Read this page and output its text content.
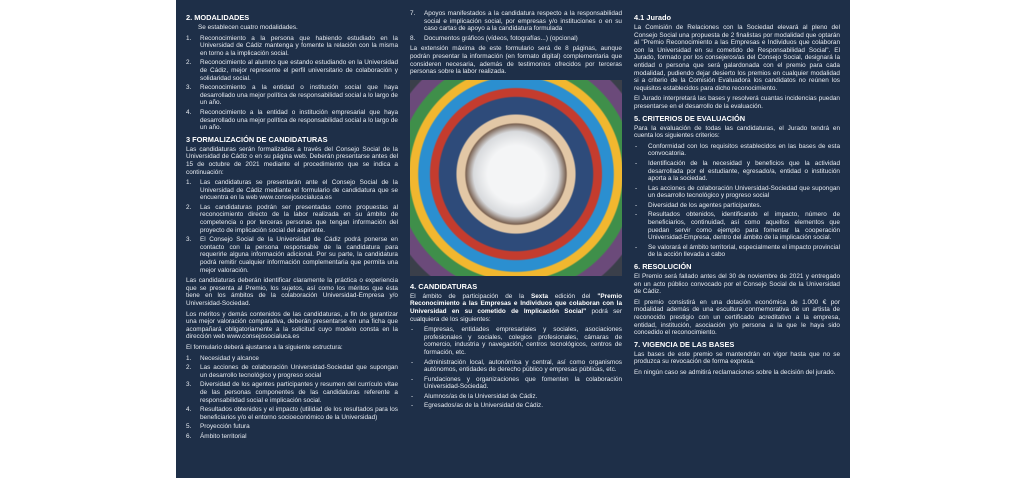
2. MODALIDADES

Se establecen cuatro modalidades.

1. Reconocimiento a la persona que habiendo estudiado en la Universidad de Cádiz mantenga y fomente la relación con la misma en torno a la implicación social.
2. Reconocimiento al alumno que estando estudiando en la Universidad de Cádiz, mejor represente el perfil universitario de colaboración y solidaridad social.
3. Reconocimiento a la entidad o institución social que haya desarrollado una mejor política de responsabilidad social a lo largo de un año.
4. Reconocimiento a la entidad o institución empresarial que haya desarrollado una mejor política de responsabilidad social a lo largo de un año.
3 FORMALIZACIÓN DE CANDIDATURAS

Las candidaturas serán formalizadas a través del Consejo Social de la Universidad de Cádiz o en su página web. Deberán presentarse antes del 15 de octubre de 2021 mediante el procedimiento que se indica a continuación:

1. Las candidaturas se presentarán ante el Consejo Social de la Universidad de Cádiz mediante el formulario de candidatura que se encuentra en la web www.consejosocialuca.es
2. Las candidaturas podrán ser presentadas como propuestas al reconocimiento directo de la labor realizada en su ámbito de competencia o por terceras personas que tengan información del proyecto de implicación social del aspirante.
3. El Consejo Social de la Universidad de Cádiz podrá ponerse en contacto con la persona responsable de la candidatura para requerirle alguna información adicional. Por su parte, la candidatura podrá remitir cualquier información complementaria que permita una mejor valoración.

Las candidaturas deberán identificar claramente la práctica o experiencia que se presenta al Premio, los sujetos, así como los méritos que ésta tiene en los ámbitos de la colaboración Universidad-Empresa y/o Universidad-Sociedad.

Los méritos y demás contenidos de las candidaturas, a fin de garantizar una mejor valoración comparativa, deberán presentarse en una ficha que acompañará obligatoriamente a la solicitud cuyo modelo consta en la dirección web www.consejosocialuca.es

El formulario deberá ajustarse a la siguiente estructura:

1. Necesidad y alcance
2. Las acciones de colaboración Universidad-Sociedad que supongan un desarrollo tecnológico y progreso social
3. Diversidad de los agentes participantes y resumen del currículo vitae de las personas componentes de las candidaturas referente a responsabilidad social e implicación social.
4. Resultados obtenidos y el impacto (utilidad de los resultados para los beneficiarios y/o el entorno socioeconómico de la Universidad)
5. Proyección futura
6. Ámbito territorial
7. Apoyos manifestados a la candidatura respecto a la responsabilidad social e implicación social, por empresas y/o instituciones o en su caso cartas de apoyo a la candidatura formulada
8. Documentos gráficos (vídeos, fotografías...) (opcional)

La extensión máxima de este formulario será de 8 páginas, aunque podrán presentar la información (en formato digital) complementaria que consideren necesaria, además de testimonios ofrecidos por terceras personas sobre la labor realizada.

4. CANDIDATURAS

El ámbito de participación de la Sexta edición del "Premio Reconocimiento a las Empresas e Individuos que colaboran con la Universidad en su cometido de Implicación Social" podrá ser cualquiera de los siguientes:

- Empresas, entidades empresariales y sociales, asociaciones profesionales y sociales, colegios profesionales, cámaras de comercio, industria y navegación, centros tecnológicos, centros de formación, etc.
- Administración local, autonómica y central, así como organismos autónomos, entidades de derecho público y empresas públicas, etc.
- Fundaciones y organizaciones que fomenten la colaboración Universidad-Sociedad.
- Alumnos/as de la Universidad de Cádiz.
- Egresados/as de la Universidad de Cádiz.
4.1 Jurado

La Comisión de Relaciones con la Sociedad elevará al pleno del Consejo Social una propuesta de 2 finalistas por modalidad que optarán al "Premio Reconocimiento a las Empresas e Individuos que colaboran con la Universidad en su cometido de Responsabilidad Social". El Jurado, formado por los consejeros/as del Consejo Social, designará la entidad o persona que será galardonada con el premio para cada modalidad, pudiendo dejar desierto los premios en cualquier modalidad si a criterio de la Comisión Evaluadora los candidatos no reúnen los requisitos establecidos para dicho reconocimiento.

El Jurado interpretará las bases y resolverá cuantas incidencias puedan presentarse en el desarrollo de la evaluación.

5. CRITERIOS DE EVALUACIÓN

Para la evaluación de todas las candidaturas, el Jurado tendrá en cuenta los siguientes criterios:

- Conformidad con los requisitos establecidos en las bases de esta convocatoria.
- Identificación de la necesidad y beneficios que la actividad desarrollada por el estudiante, egresado/a, entidad o institución aporta a la sociedad.
- Las acciones de colaboración Universidad-Sociedad que supongan un desarrollo tecnológico y progreso social
- Diversidad de los agentes participantes.
- Resultados obtenidos, identificando el impacto, número de beneficiarios, continuidad, así como aquellos elementos que puedan servir como ejemplo para fomentar la cooperación Universidad-Empresa, dentro del ámbito de la implicación social.
- Se valorará el ámbito territorial, especialmente el impacto provincial de la acción llevada a cabo
6. RESOLUCIÓN

El Premio será fallado antes del 30 de noviembre de 2021 y entregado en un acto público convocado por el Consejo Social de la Universidad de Cádiz.

El premio consistirá en una dotación económica de 1.000 € por modalidad además de una escultura conmemorativa de un artista de reconocido prestigio con un certificado acreditativo a la empresa, entidad, institución, asociación y/o persona a la que le haya sido concedido el reconocimiento.

7. VIGENCIA DE LAS BASES

Las bases de este premio se mantendrán en vigor hasta que no se produzca su revocación de forma expresa.

En ningún caso se admitirá reclamaciones sobre la decisión del jurado.
